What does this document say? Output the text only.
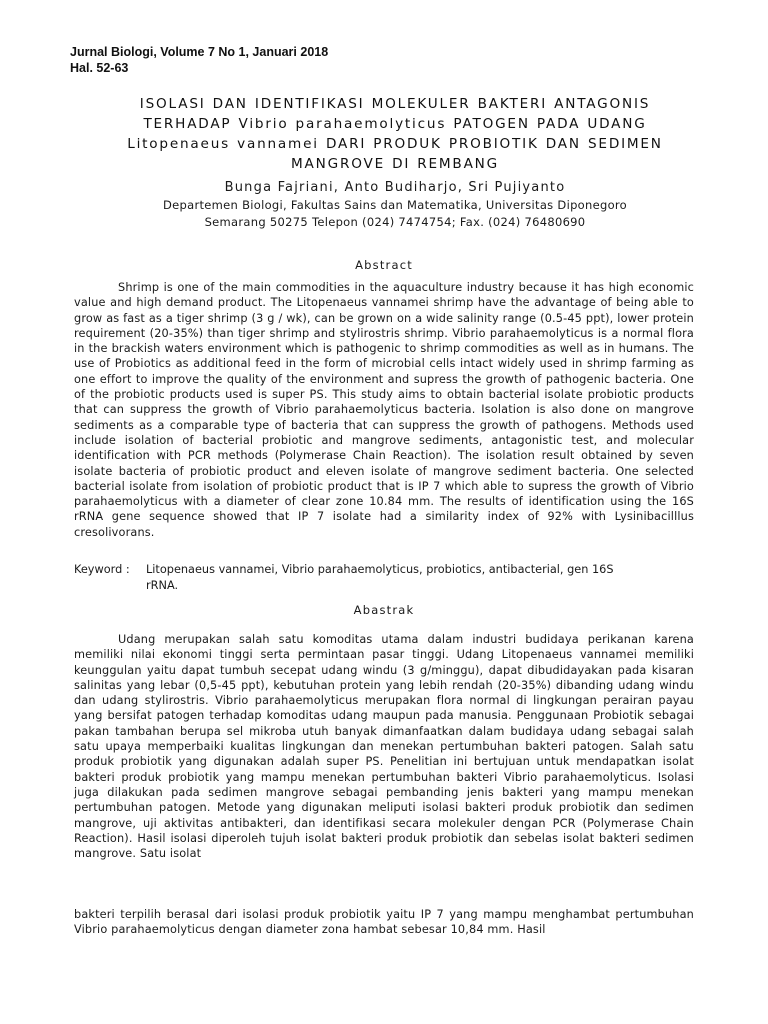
Jurnal Biologi, Volume 7 No 1, Januari 2018
Hal. 52-63
ISOLASI DAN IDENTIFIKASI MOLEKULER BAKTERI ANTAGONIS
TERHADAP Vibrio parahaemolyticus PATOGEN PADA UDANG
Litopenaeus vannamei DARI PRODUK PROBIOTIK DAN SEDIMEN
MANGROVE DI REMBANG
Bunga Fajriani, Anto Budiharjo, Sri Pujiyanto
Departemen Biologi, Fakultas Sains dan Matematika, Universitas Diponegoro
Semarang 50275 Telepon (024) 7474754; Fax. (024) 76480690
Abstract
Shrimp is one of the main commodities in the aquaculture industry because it has high economic value and high demand product. The Litopenaeus vannamei shrimp have the advantage of being able to grow as fast as a tiger shrimp (3 g / wk), can be grown on a wide salinity range (0.5-45 ppt), lower protein requirement (20-35%) than tiger shrimp and stylirostris shrimp. Vibrio parahaemolyticus is a normal flora in the brackish waters environment which is pathogenic to shrimp commodities as well as in humans. The use of Probiotics as additional feed in the form of microbial cells intact widely used in shrimp farming as one effort to improve the quality of the environment and supress the growth of pathogenic bacteria. One of the probiotic products used is super PS. This study aims to obtain bacterial isolate probiotic products that can suppress the growth of Vibrio parahaemolyticus bacteria. Isolation is also done on mangrove sediments as a comparable type of bacteria that can suppress the growth of pathogens. Methods used include isolation of bacterial probiotic and mangrove sediments, antagonistic test, and molecular identification with PCR methods (Polymerase Chain Reaction). The isolation result obtained by seven isolate bacteria of probiotic product and eleven isolate of mangrove sediment bacteria. One selected bacterial isolate from isolation of probiotic product that is IP 7 which able to supress the growth of Vibrio parahaemolyticus with a diameter of clear zone 10.84 mm. The results of identification using the 16S rRNA gene sequence showed that IP 7 isolate had a similarity index of 92% with Lysinibacilllus cresolivorans.
Keyword : Litopenaeus vannamei, Vibrio parahaemolyticus, probiotics, antibacterial, gen 16S
rRNA.
Abastrak
Udang merupakan salah satu komoditas utama dalam industri budidaya perikanan karena memiliki nilai ekonomi tinggi serta permintaan pasar tinggi. Udang Litopenaeus vannamei memiliki keunggulan yaitu dapat tumbuh secepat udang windu (3 g/minggu), dapat dibudidayakan pada kisaran salinitas yang lebar (0,5-45 ppt), kebutuhan protein yang lebih rendah (20-35%) dibanding udang windu dan udang stylirostris. Vibrio parahaemolyticus merupakan flora normal di lingkungan perairan payau yang bersifat patogen terhadap komoditas udang maupun pada manusia. Penggunaan Probiotik sebagai pakan tambahan berupa sel mikroba utuh banyak dimanfaatkan dalam budidaya udang sebagai salah satu upaya memperbaiki kualitas lingkungan dan menekan pertumbuhan bakteri patogen. Salah satu produk probiotik yang digunakan adalah super PS. Penelitian ini bertujuan untuk mendapatkan isolat bakteri produk probiotik yang mampu menekan pertumbuhan bakteri Vibrio parahaemolyticus. Isolasi juga dilakukan pada sedimen mangrove sebagai pembanding jenis bakteri yang mampu menekan pertumbuhan patogen. Metode yang digunakan meliputi isolasi bakteri produk probiotik dan sedimen mangrove, uji aktivitas antibakteri, dan identifikasi secara molekuler dengan PCR (Polymerase Chain Reaction). Hasil isolasi diperoleh tujuh isolat bakteri produk probiotik dan sebelas isolat bakteri sedimen mangrove. Satu isolat
bakteri terpilih berasal dari isolasi produk probiotik yaitu IP 7 yang mampu menghambat pertumbuhan Vibrio parahaemolyticus dengan diameter zona hambat sebesar 10,84 mm. Hasil
